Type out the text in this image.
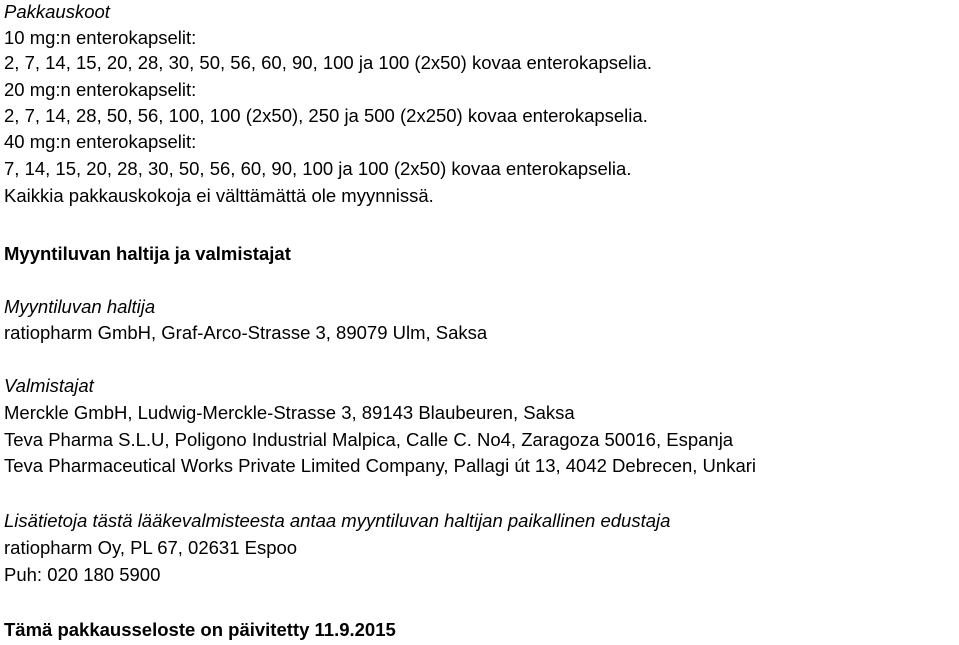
Pakkauskoot
10 mg:n enterokapselit:
2, 7, 14, 15, 20, 28, 30, 50, 56, 60, 90, 100 ja 100 (2x50) kovaa enterokapselia.
20 mg:n enterokapselit:
2, 7, 14, 28, 50, 56, 100, 100 (2x50), 250 ja 500 (2x250) kovaa enterokapselia.
40 mg:n enterokapselit:
7, 14, 15, 20, 28, 30, 50, 56, 60, 90, 100 ja 100 (2x50) kovaa enterokapselia.
Kaikkia pakkauskokoja ei välttämättä ole myynnissä.
Myyntiluvan haltija ja valmistajat
Myyntiluvan haltija
ratiopharm GmbH, Graf-Arco-Strasse 3, 89079 Ulm, Saksa
Valmistajat
Merckle GmbH, Ludwig-Merckle-Strasse 3, 89143 Blaubeuren, Saksa
Teva Pharma S.L.U, Poligono Industrial Malpica, Calle C. No4, Zaragoza 50016, Espanja
Teva Pharmaceutical Works Private Limited Company, Pallagi út 13, 4042 Debrecen, Unkari
Lisätietoja tästä lääkevalmisteesta antaa myyntiluvan haltijan paikallinen edustaja
ratiopharm Oy, PL 67, 02631 Espoo
Puh: 020 180 5900
Tämä pakkausseloste on päivitetty 11.9.2015
